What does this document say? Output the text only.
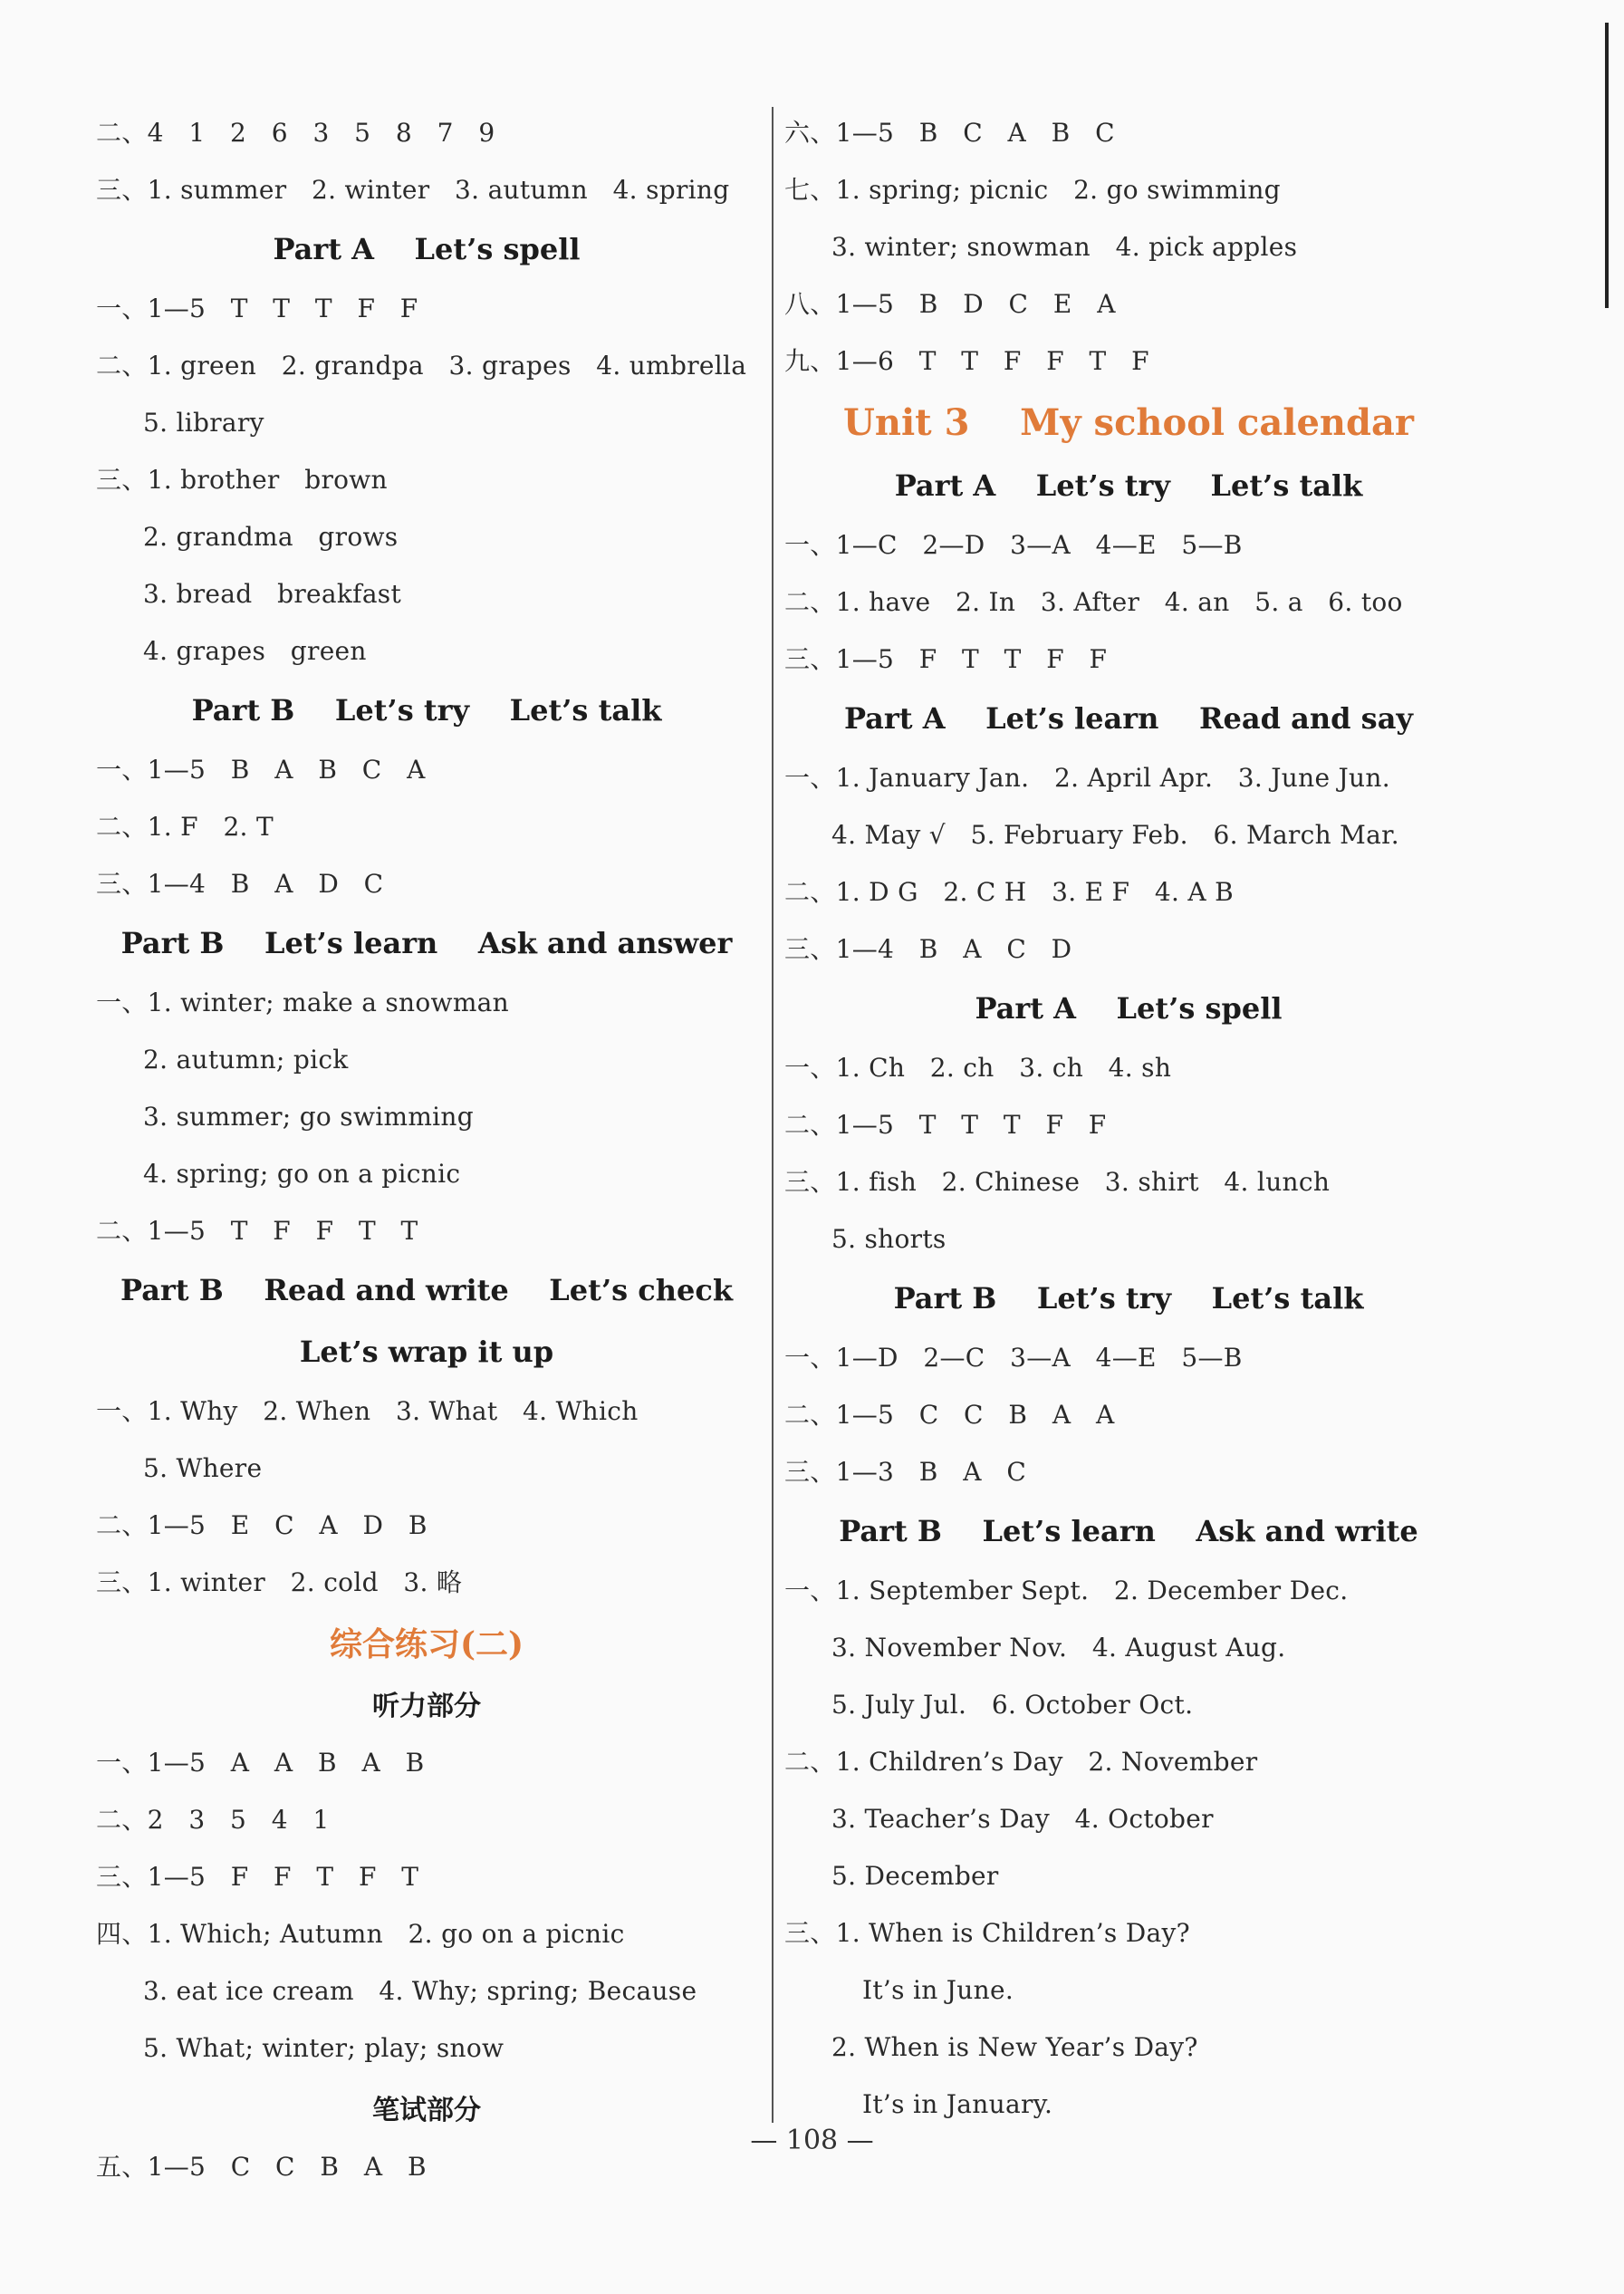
二、4   1   2   6   3   5   8   7   9
三、1. summer   2. winter   3. autumn   4. spring
Part A    Let’s spell
一、1—5   T   T   T   F   F
二、1. green   2. grandpa   3. grapes   4. umbrella
5. library
三、1. brother   brown
2. grandma   grows
3. bread   breakfast
4. grapes   green
Part B    Let’s try    Let’s talk
一、1—5   B   A   B   C   A
二、1. F   2. T
三、1—4   B   A   D   C
Part B    Let’s learn    Ask and answer
一、1. winter; make a snowman
2. autumn; pick
3. summer; go swimming
4. spring; go on a picnic
二、1—5   T   F   F   T   T
Part B    Read and write    Let’s check
Let’s wrap it up
一、1. Why   2. When   3. What   4. Which
5. Where
二、1—5   E   C   A   D   B
三、1. winter   2. cold   3. 略
综合练习(二)
听力部分
一、1—5   A   A   B   A   B
二、2   3   5   4   1
三、1—5   F   F   T   F   T
四、1. Which; Autumn   2. go on a picnic
3. eat ice cream   4. Why; spring; Because
5. What; winter; play; snow
笔试部分
五、1—5   C   C   B   A   B
六、1—5   B   C   A   B   C
七、1. spring; picnic   2. go swimming
3. winter; snowman   4. pick apples
八、1—5   B   D   C   E   A
九、1—6   T   T   F   F   T   F
Unit 3    My school calendar
Part A    Let’s try    Let’s talk
一、1—C   2—D   3—A   4—E   5—B
二、1. have   2. In   3. After   4. an   5. a   6. too
三、1—5   F   T   T   F   F
Part A    Let’s learn    Read and say
一、1. January Jan.   2. April Apr.   3. June Jun.
4. May √   5. February Feb.   6. March Mar.
二、1. D G   2. C H   3. E F   4. A B
三、1—4   B   A   C   D
Part A    Let’s spell
一、1. Ch   2. ch   3. ch   4. sh
二、1—5   T   T   T   F   F
三、1. fish   2. Chinese   3. shirt   4. lunch
5. shorts
Part B    Let’s try    Let’s talk
一、1—D   2—C   3—A   4—E   5—B
二、1—5   C   C   B   A   A
三、1—3   B   A   C
Part B    Let’s learn    Ask and write
一、1. September Sept.   2. December Dec.
3. November Nov.   4. August Aug.
5. July Jul.   6. October Oct.
二、1. Children’s Day   2. November
3. Teacher’s Day   4. October
5. December
三、1. When is Children’s Day?
It’s in June.
2. When is New Year’s Day?
It’s in January.
— 108 —
